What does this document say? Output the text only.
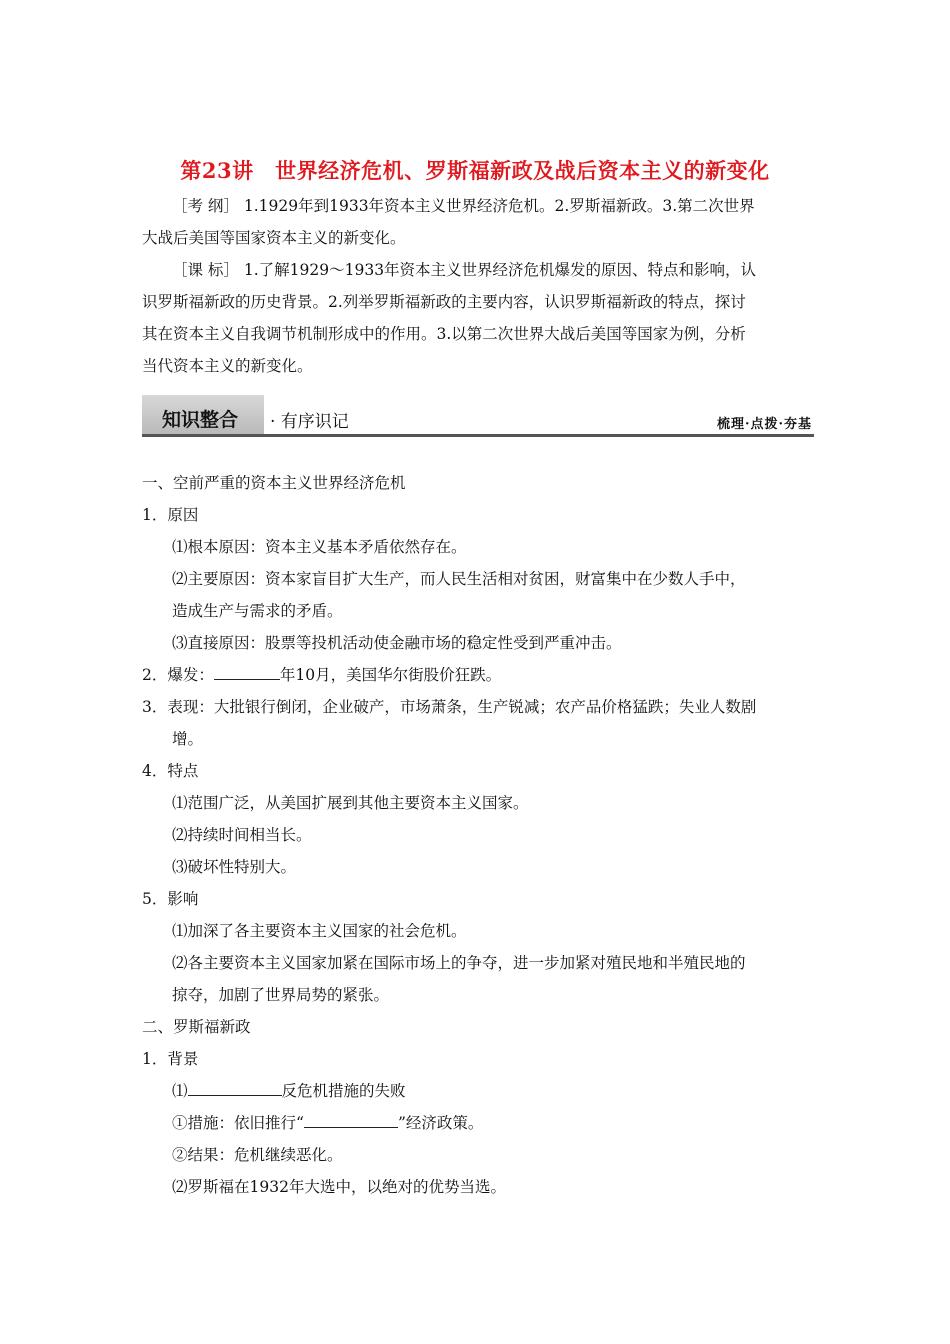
第23讲　世界经济危机、罗斯福新政及战后资本主义的新变化
［考 纲］ 1.1929年到1933年资本主义世界经济危机。2.罗斯福新政。3.第二次世界
大战后美国等国家资本主义的新变化。
［课 标］ 1.了解1929～1933年资本主义世界经济危机爆发的原因、特点和影响，认
识罗斯福新政的历史背景。2.列举罗斯福新政的主要内容，认识罗斯福新政的特点，探讨
其在资本主义自我调节机制形成中的作用。3.以第二次世界大战后美国等国家为例，分析
当代资本主义的新变化。
知识整合 · 有序识记	梳理·点拨·夯基
一、空前严重的资本主义世界经济危机
1．原因
⑴根本原因：资本主义基本矛盾依然存在。
⑵主要原因：资本家盲目扩大生产，而人民生活相对贫困，财富集中在少数人手中，
造成生产与需求的矛盾。
⑶直接原因：股票等投机活动使金融市场的稳定性受到严重冲击。
2．爆发：	年10月，美国华尔街股价狂跌。
3．表现：大批银行倒闭，企业破产，市场萧条，生产锐减；农产品价格猛跌；失业人数剧
增。
4．特点
⑴范围广泛，从美国扩展到其他主要资本主义国家。
⑵持续时间相当长。
⑶破坏性特别大。
5．影响
⑴加深了各主要资本主义国家的社会危机。
⑵各主要资本主义国家加紧在国际市场上的争夺，进一步加紧对殖民地和半殖民地的
掠夺，加剧了世界局势的紧张。
二、罗斯福新政
1．背景
⑴	反危机措施的失败
①措施：依旧推行“	”经济政策。
②结果：危机继续恶化。
⑵罗斯福在1932年大选中，以绝对的优势当选。
